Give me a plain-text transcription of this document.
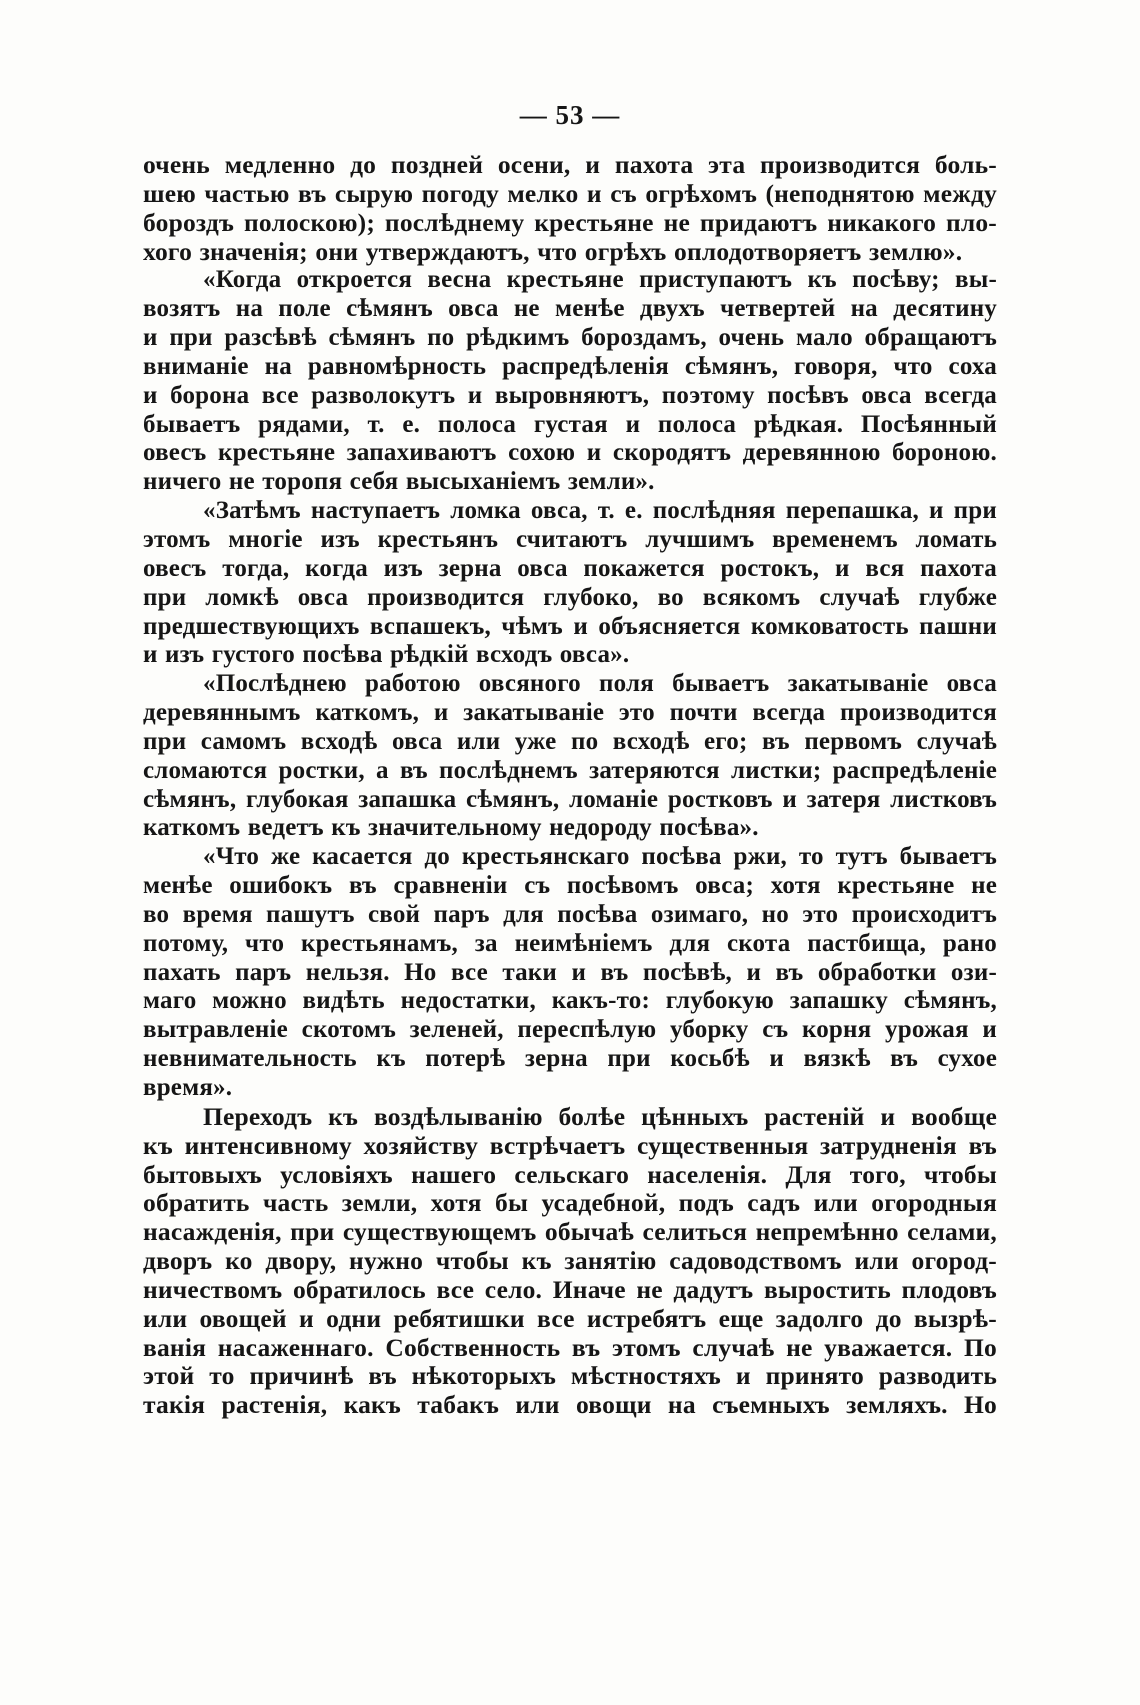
— 53 —
очень медленно до поздней осени, и пахота эта производится боль-
шею частью въ сырую погоду мелко и съ огрѣхомъ (неподнятою между
бороздъ полоскою); послѣднему крестьяне не придаютъ никакого пло-
хого значенія; они утверждаютъ, что огрѣхъ оплодотворяетъ землю».
«Когда откроется весна крестьяне приступаютъ къ посѣву; вы-
возятъ на поле сѣмянъ овса не менѣе двухъ четвертей на десятину
и при разсѣвѣ сѣмянъ по рѣдкимъ бороздамъ, очень мало обращаютъ
вниманіе на равномѣрность распредѣленія сѣмянъ, говоря, что соха
и борона все разволокутъ и выровняютъ, поэтому посѣвъ овса всегда
бываетъ рядами, т. е. полоса густая и полоса рѣдкая. Посѣянный
овесъ крестьяне запахиваютъ сохою и скородятъ деревянною бороною.
ничего не торопя себя высыханіемъ земли».
«Затѣмъ наступаетъ ломка овса, т. е. послѣдняя перепашка, и при
этомъ многіе изъ крестьянъ считаютъ лучшимъ временемъ ломать
овесъ тогда, когда изъ зерна овса покажется ростокъ, и вся пахота
при ломкѣ овса производится глубоко, во всякомъ случаѣ глубже
предшествующихъ вспашекъ, чѣмъ и объясняется комковатость пашни
и изъ густого посѣва рѣдкій всходъ овса».
«Послѣднею работою овсяного поля бываетъ закатываніе овса
деревяннымъ каткомъ, и закатываніе это почти всегда производится
при самомъ всходѣ овса или уже по всходѣ его; въ первомъ случаѣ
сломаются ростки, а въ послѣднемъ затеряются листки; распредѣленіе
сѣмянъ, глубокая запашка сѣмянъ, ломаніе ростковъ и затеря листковъ
каткомъ ведетъ къ значительному недороду посѣва».
«Что же касается до крестьянскаго посѣва ржи, то тутъ бываетъ
менѣе ошибокъ въ сравненіи съ посѣвомъ овса; хотя крестьяне не
во время пашутъ свой паръ для посѣва озимаго, но это происходитъ
потому, что крестьянамъ, за неимѣніемъ для скота пастбища, рано
пахать паръ нельзя. Но все таки и въ посѣвѣ, и въ обработки ози-
маго можно видѣть недостатки, какъ-то: глубокую запашку сѣмянъ,
вытравленіе скотомъ зеленей, переспѣлую уборку съ корня урожая и
невнимательность къ потерѣ зерна при косьбѣ и вязкѣ въ сухое
время».
Переходъ къ воздѣлыванію болѣе цѣнныхъ растеній и вообще
къ интенсивному хозяйству встрѣчаетъ существенныя затрудненія въ
бытовыхъ условіяхъ нашего сельскаго населенія. Для того, чтобы
обратить часть земли, хотя бы усадебной, подъ садъ или огородныя
насажденія, при существующемъ обычаѣ селиться непремѣнно селами,
дворъ ко двору, нужно чтобы къ занятію садоводствомъ или огород-
ничествомъ обратилось все село. Иначе не дадутъ выростить плодовъ
или овощей и одни ребятишки все истребятъ еще задолго до вызрѣ-
ванія насаженнаго. Собственность въ этомъ случаѣ не уважается. По
этой то причинѣ въ нѣкоторыхъ мѣстностяхъ и принято разводить
такія растенія, какъ табакъ или овощи на съемныхъ земляхъ. Но
